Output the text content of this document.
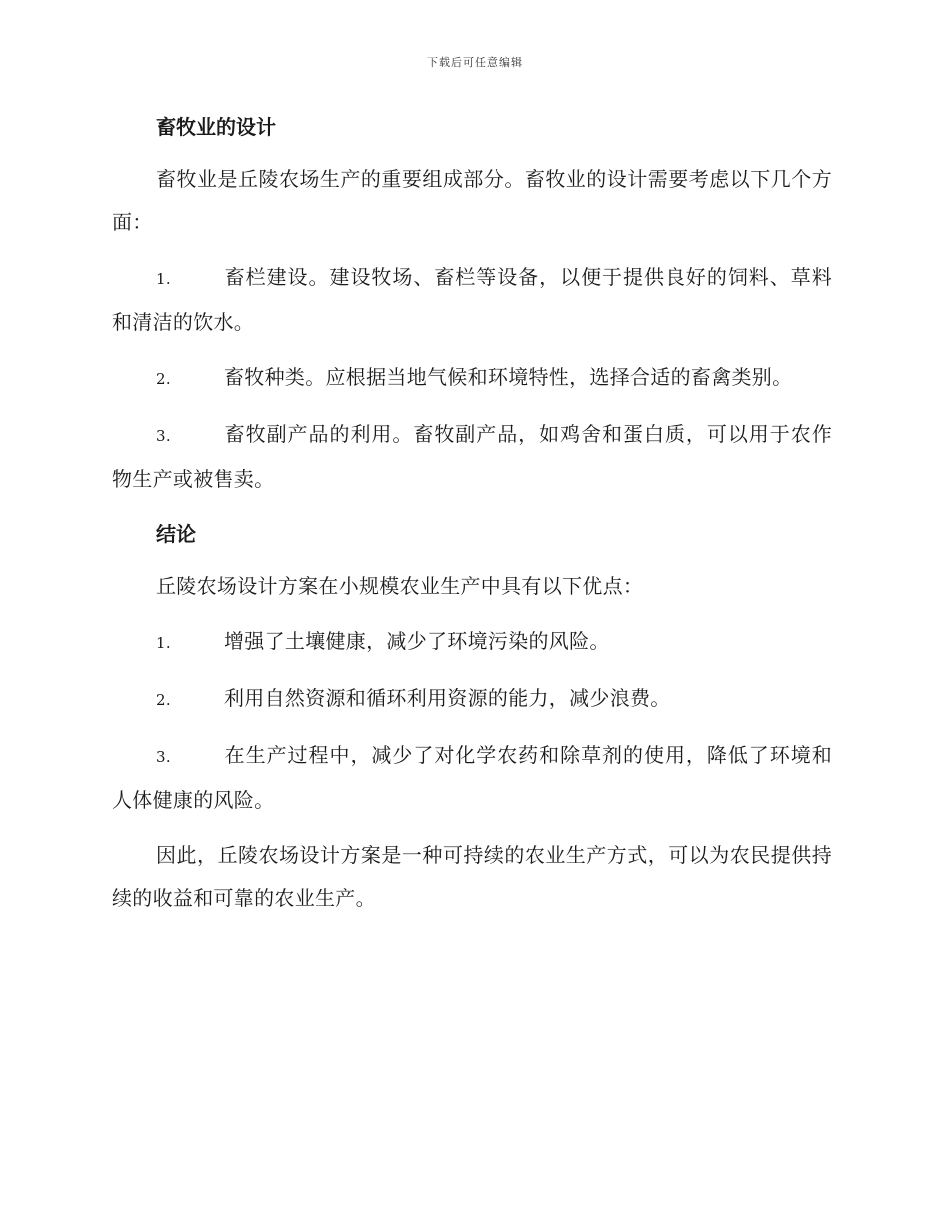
下载后可任意编辑
畜牧业的设计

畜牧业是丘陵农场生产的重要组成部分。畜牧业的设计需要考虑以下几个方面：

1.	畜栏建设。建设牧场、畜栏等设备，以便于提供良好的饲料、草料和清洁的饮水。

2.	畜牧种类。应根据当地气候和环境特性，选择合适的畜禽类别。

3.	畜牧副产品的利用。畜牧副产品，如鸡舍和蛋白质，可以用于农作物生产或被售卖。

结论

丘陵农场设计方案在小规模农业生产中具有以下优点：

1.	增强了土壤健康，减少了环境污染的风险。

2.	利用自然资源和循环利用资源的能力，减少浪费。

3.	在生产过程中，减少了对化学农药和除草剂的使用，降低了环境和人体健康的风险。

因此，丘陵农场设计方案是一种可持续的农业生产方式，可以为农民提供持续的收益和可靠的农业生产。
